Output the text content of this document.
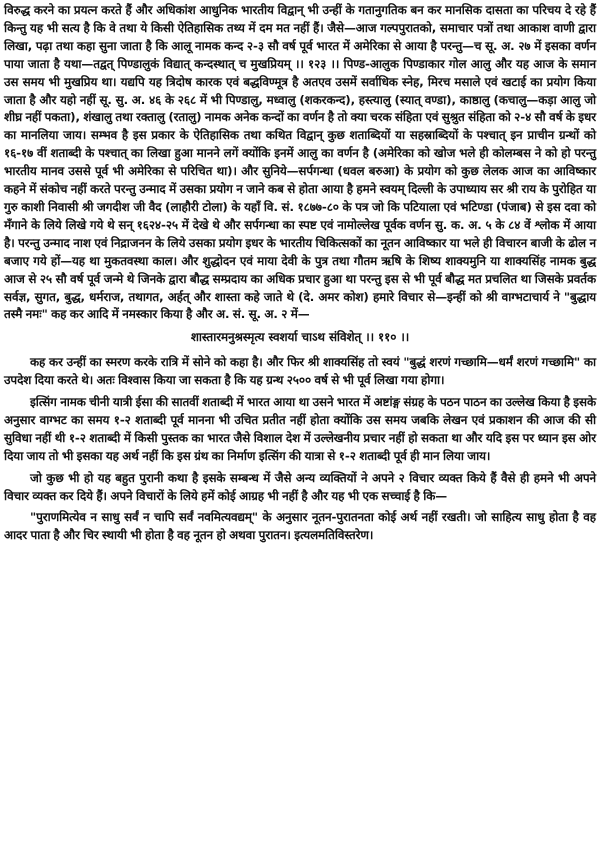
विरुद्ध करने का प्रयत्न करते हैं और अधिकांश आधुनिक भारतीय विद्वान् भी उन्हीं के गतानुगतिक बन कर मानसिक दासता का परिचय दे रहे हैं किन्तु यह भी सत्य है कि वे तथा ये किसी ऐतिहासिक तथ्य में दम मत नहीं हैं। जैसे—आज गल्पपुरातको, समाचार पत्रों तथा आकाश वाणी द्वारा लिखा, पढ़ा तथा कहा सुना जाता है कि आलू नामक कन्द २-३ सौ वर्ष पूर्व भारत में अमेरिका से आया है परन्तु—च सू. अ. २७ में इसका वर्णन पाया जाता है यथा—तद्वत् पिण्डालुकं विद्यात् कन्दस्थात् च मुखप्रियम् ।। १२३ ।। पिण्ड-आलुक पिण्डाकार गोल आलु और यह आज के समान उस समय भी मुखप्रिय था। यद्यपि यह त्रिदोष कारक एवं बद्धविण्मूत्र है अतएव उसमें सर्वाधिक स्नेह, मिरच मसाले एवं खटाई का प्रयोग किया जाता है और यहो नहीं सू. सु. अ. ४६ के २६८ में भी पिण्डालु, मध्वालु (शकरकन्द), हस्त्यालु (स्यात् वण्डा), काष्ठालु (कचालु—कड़ा आलु जो शीघ्र नहीं पकता), शंखालु तथा रक्तालु (रतालु) नामक अनेक कन्दों का वर्णन है तो क्या चरक संहिता एवं सुश्रुत संहिता को २-४ सौ वर्ष के इधर का मानलिया जाय। सम्भव है इस प्रकार के ऐतिहासिक तथा कथित विद्वान् कुछ शताब्दियों या सहस्राब्दियों के पश्चात् इन प्राचीन ग्रन्थों को १६-१७ वीं शताब्दी के पश्चात् का लिखा हुआ मानने लगें क्योंकि इनमें आलु का वर्णन है (अमेरिका को खोज भले ही कोलम्बस ने को हो परन्तु भारतीय मानव उससे पूर्व भी अमेरिका से परिचित था)। और सुनिये—सर्पगन्धा (धवल बरुआ) के प्रयोग को कुछ लेलक आज का आविष्कार कहने में संकोच नहीं करते परन्तु उन्माद में उसका प्रयोग न जाने कब से होता आया है हमने स्वयम् दिल्ली के उपाध्याय सर श्री राय के पुरोहित या गुरु काशी निवासी श्री जगदीश जी वैद (लाहौरी टोला) के यहाँ वि. सं. १८७७-८० के पत्र जो कि पटियाला एवं भटिण्डा (पंजाब) से इस दवा को मँगाने के लिये लिखे गये थे सन् १६२४-२५ में देखे थे और सर्पगन्धा का स्पष्ट एवं नामोल्लेख पूर्वक वर्णन सु. क. अ. ५ के ८४ वें श्लोक में आया है। परन्तु उन्माद नाश एवं निद्राजनन के लिये उसका प्रयोग इधर के भारतीय चिकित्सकों का नूतन आविष्कार या भले ही विचारन बाजी के ढोल न बजाए गये हों—यह था मुकतवस्था काल। और शुद्धोदन एवं माया देवी के पुत्र तथा गौतम ऋषि के शिष्य शाक्यमुनि या शाक्यसिंह नामक बुद्ध आज से २५ सौ वर्ष पूर्व जन्मे थे जिनके द्वारा बौद्ध सम्प्रदाय का अधिक प्रचार हुआ था परन्तु इस से भी पूर्व बौद्ध मत प्रचलित था जिसके प्रवर्तक सर्वज्ञ, सुगत, बुद्ध, धर्मराज, तथागत, अर्हत् और शास्ता कहे जाते थे (दे. अमर कोश) हमारे विचार से—इन्हीं को श्री वाग्भटाचार्य ने "बुद्धाय तस्मै नमः" कह कर आदि में नमस्कार किया है और अ. सं. सू. अ. २ में—

शास्तारमनुश्रस्मृत्य स्वशर्या चाऽथ संविशेत् ।। ११० ।।

कह कर उन्हीं का स्मरण करके रात्रि में सोने को कहा है। और फिर श्री शाक्यसिंह तो स्वयं "बुद्धं शरणं गच्छामि—धर्मं शरणं गच्छामि" का उपदेश दिया करते थे। अतः विश्वास किया जा सकता है कि यह ग्रन्थ २५०० वर्ष से भी पूर्व लिखा गया होगा।

इत्सिंग नामक चीनी यात्री ईसा की सातवीं शताब्दी में भारत आया था उसने भारत में अष्टांङ्ग संग्रह के पठन पाठन का उल्लेख किया है इसके अनुसार वाग्भट का समय १-२ शताब्दी पूर्व मानना भी उचित प्रतीत नहीं होता क्योंकि उस समय जबकि लेखन एवं प्रकाशन की आज की सी सुविधा नहीं थी १-२ शताब्दी में किसी पुस्तक का भारत जैसे विशाल देश में उल्लेखनीय प्रचार नहीं हो सकता था और यदि इस पर ध्यान इस ओर दिया जाय तो भी इसका यह अर्थ नहीं कि इस ग्रंथ का निर्माण इत्सिंग की यात्रा से १-२ शताब्दी पूर्व ही मान लिया जाय।

जो कुछ भी हो यह बहुत पुरानी कथा है इसके सम्बन्ध में जैसे अन्य व्यक्तियों ने अपने २ विचार व्यक्त किये हैं वैसे ही हमने भी अपने विचार व्यक्त कर दिये हैं। अपने विचारों के लिये हमें कोई आग्रह भी नहीं है और यह भी एक सच्चाई है कि—

"पुराणमित्येव न साधु सर्वं न चापि सर्वं नवमित्यवद्यम्" के अनुसार नूतन-पुरातनता कोई अर्थ नहीं रखती। जो साहित्य साधु होता है वह आदर पाता है और चिर स्थायी भी होता है वह नूतन हो अथवा पुरातन। इत्यलमतिविस्तरेण।
